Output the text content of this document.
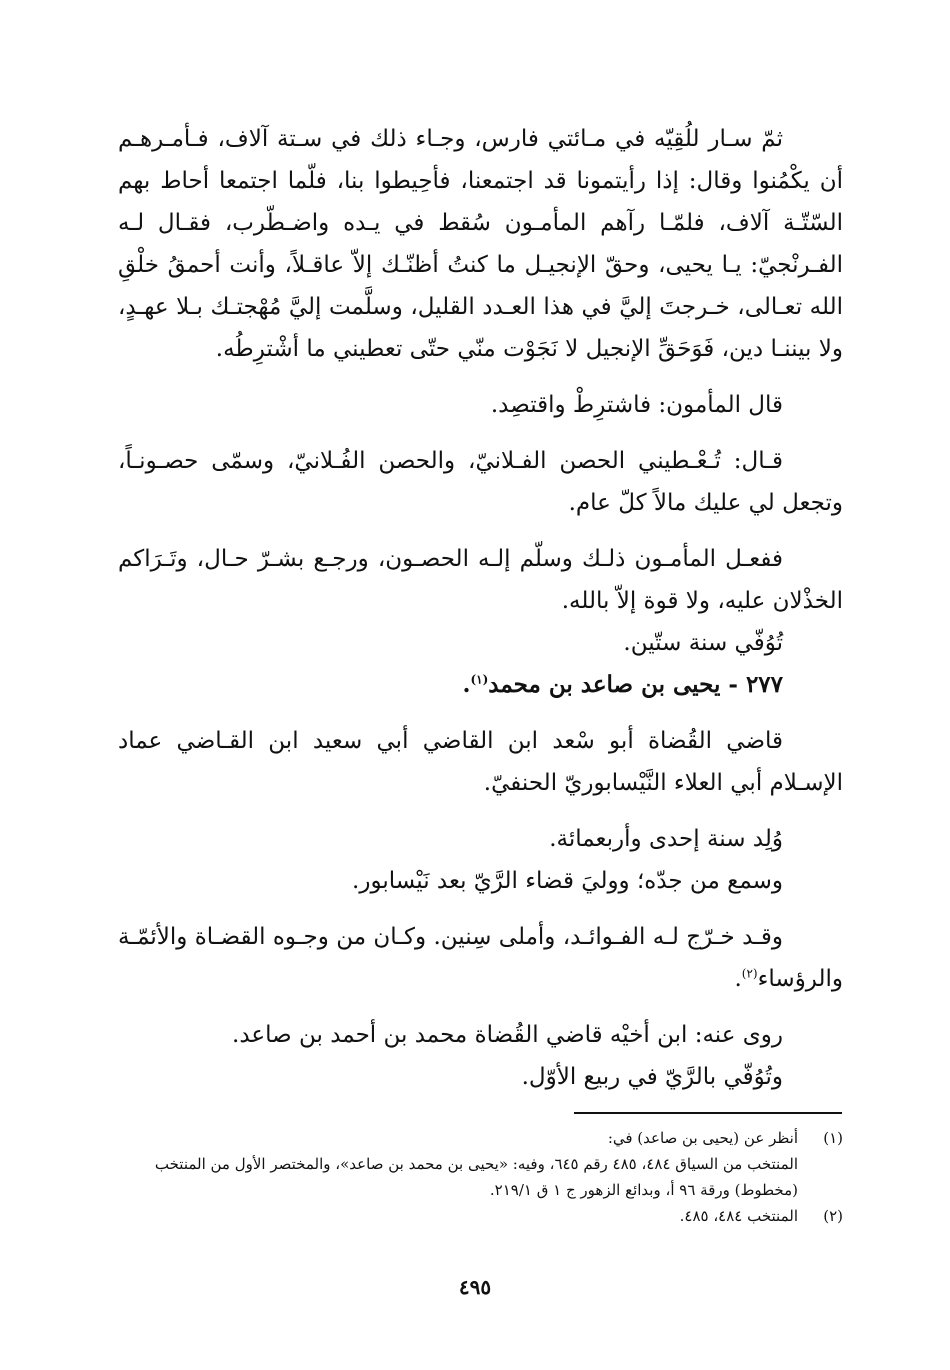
ثمّ سـار للُقِيّه في مـائتي فارس، وجـاء ذلك في سـتة آلاف، فـأمـرهـم أن يكْمُنوا وقال: إذا رأيتمونا قد اجتمعنا، فأحِيطوا بنا، فلّما اجتمعا أحاط بهم السّتّـة آلاف، فلمّـا رآهم المأمـون سُقط في يـده واضـطّرب، فقـال لـه الفـرنْجيّ: يـا يحيى، وحقّ الإنجيـل ما كنتُ أظنّـك إلاّ عاقـلاً، وأنت أحمقُ خلْقِ الله تعـالى، خـرجتَ إليَّ في هذا العـدد القليل، وسلَّمت إليَّ مُهْجتـك بـلا عهـدٍ، ولا بيننـا دين، فَوَحَقِّ الإنجيل لا نَجَوْت منّي حتّى تعطيني ما أشْترِطُه.

قال المأمون: فاشترِطْ واقتصِد.

قـال: تُـعْـطيني الحصن الفـلانيّ، والحصن الفُـلانيّ، وسمّى حصـونـاً، وتجعل لي عليك مالاً كلّ عام.

ففعـل المأمـون ذلـك وسلّم إلـه الحصـون، ورجـع بشـرّ حـال، وتَـرَاكم الخذْلان عليه، ولا قوة إلاّ بالله.

تُوُفّي سنة ستّين.

٢٧٧ - يحيى بن صاعد بن محمد$^{(١)}$.

قاضي القُضاة أبو سْعد ابن القاضي أبي سعيد ابن القـاضي عماد الإسـلام أبي العلاء النَّيْسابوريّ الحنفيّ.

وُلِد سنة إحدى وأربعمائة.

وسمع من جدّه؛ ووليَ قضاء الرَّيّ بعد نَيْسابور.

وقـد خـرّج لـه الفـوائـد، وأملى سِنين. وكـان من وجـوه القضـاة والأئمّـة والرؤساء$^{(٢)}$.

روى عنه: ابن أخيْه قاضي القُضاة محمد بن أحمد بن صاعد.

وتُوُفّي بالرَّيّ في ربيع الأوّل.

(١)
أنظر عن (يحيى بن صاعد) في:
المنتخب من السياق ٤٨٤، ٤٨٥ رقم ٦٤٥، وفيه: «يحيى بن محمد بن صاعد»، والمختصر الأول من المنتخب (مخطوط) ورقة ٩٦ أ، وبدائع الزهور ج ١ ق ٢١٩/١.
(٢)
المنتخب ٤٨٤، ٤٨٥.
٤٩٥
